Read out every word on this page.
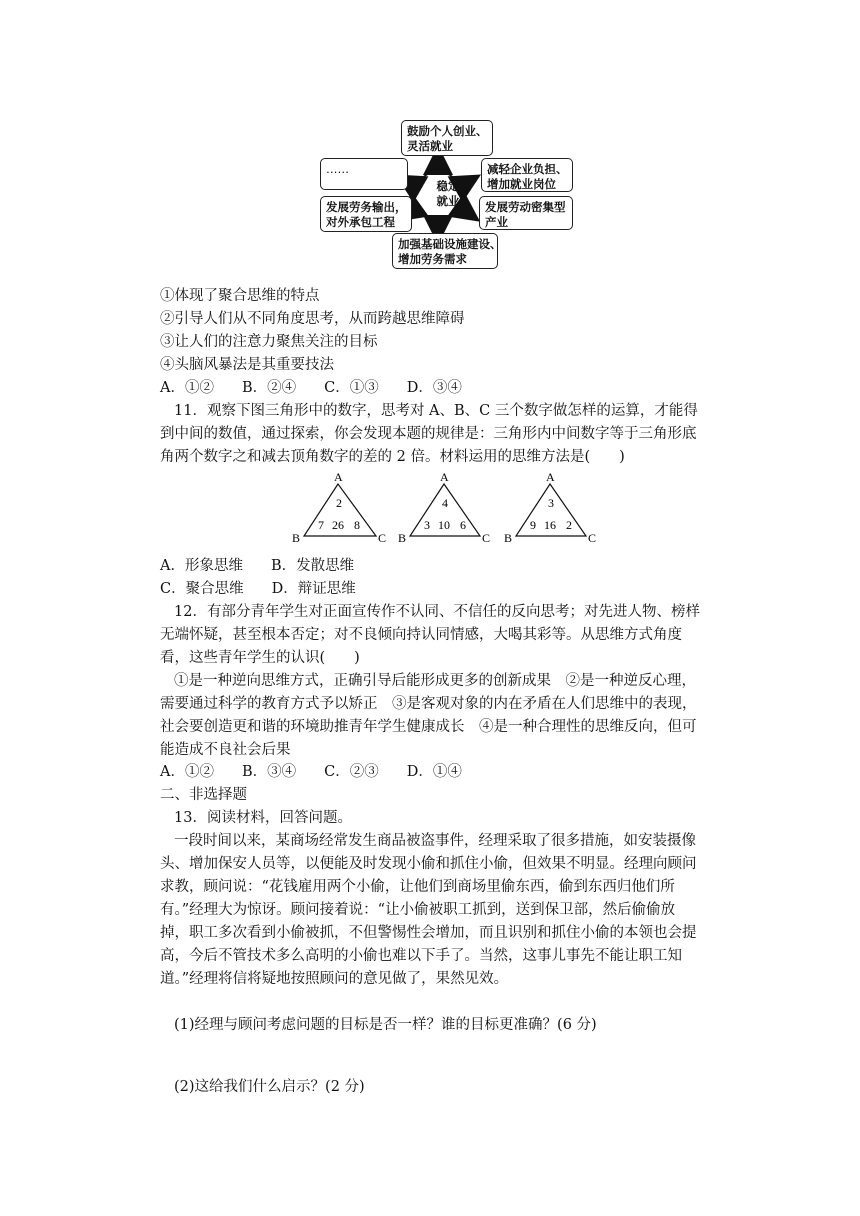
稳定
就业
鼓励个人创业、
灵活就业
……	减轻企业负担、
增加就业岗位
发展劳务输出，
对外承包工程
发展劳动密集型
产业
加强基础设施建设、
增加劳务需求
①体现了聚合思维的特点
②引导人们从不同角度思考，从而跨越思维障碍
③让人们的注意力聚焦关注的目标
④头脑风暴法是其重要技法
A．①② B．②④ C．①③ D．③④
11．观察下图三角形中的数字，思考对 A、B、C 三个数字做怎样的运算，才能得到中间的数值，通过探索，你会发现本题的规律是：三角形内中间数字等于三角形底角两个数字之和减去顶角数字的差的 2 倍。材料运用的思维方法是(　　)
A
B	C
2
7 26 8
A
B	C
4
3 10 6
A
B	C
3
9 16 2
A．形象思维 B．发散思维
C．聚合思维 D．辩证思维
12．有部分青年学生对正面宣传作不认同、不信任的反向思考；对先进人物、榜样无端怀疑，甚至根本否定；对不良倾向持认同情感，大喝其彩等。从思维方式角度看，这些青年学生的认识(　　)
①是一种逆向思维方式，正确引导后能形成更多的创新成果　②是一种逆反心理，需要通过科学的教育方式予以矫正　③是客观对象的内在矛盾在人们思维中的表现，社会要创造更和谐的环境助推青年学生健康成长　④是一种合理性的思维反向，但可能造成不良社会后果
A．①② B．③④ C．②③ D．①④
二、非选择题
13．阅读材料，回答问题。
一段时间以来，某商场经常发生商品被盗事件，经理采取了很多措施，如安装摄像头、增加保安人员等，以便能及时发现小偷和抓住小偷，但效果不明显。经理向顾问求教，顾问说：“花钱雇用两个小偷，让他们到商场里偷东西，偷到东西归他们所有。”经理大为惊讶。顾问接着说：“让小偷被职工抓到，送到保卫部，然后偷偷放掉，职工多次看到小偷被抓，不但警惕性会增加，而且识别和抓住小偷的本领也会提高，今后不管技术多么高明的小偷也难以下手了。当然，这事儿事先不能让职工知道。”经理将信将疑地按照顾问的意见做了，果然见效。
(1)经理与顾问考虑问题的目标是否一样？谁的目标更准确？(6 分)
(2)这给我们什么启示？(2 分)
